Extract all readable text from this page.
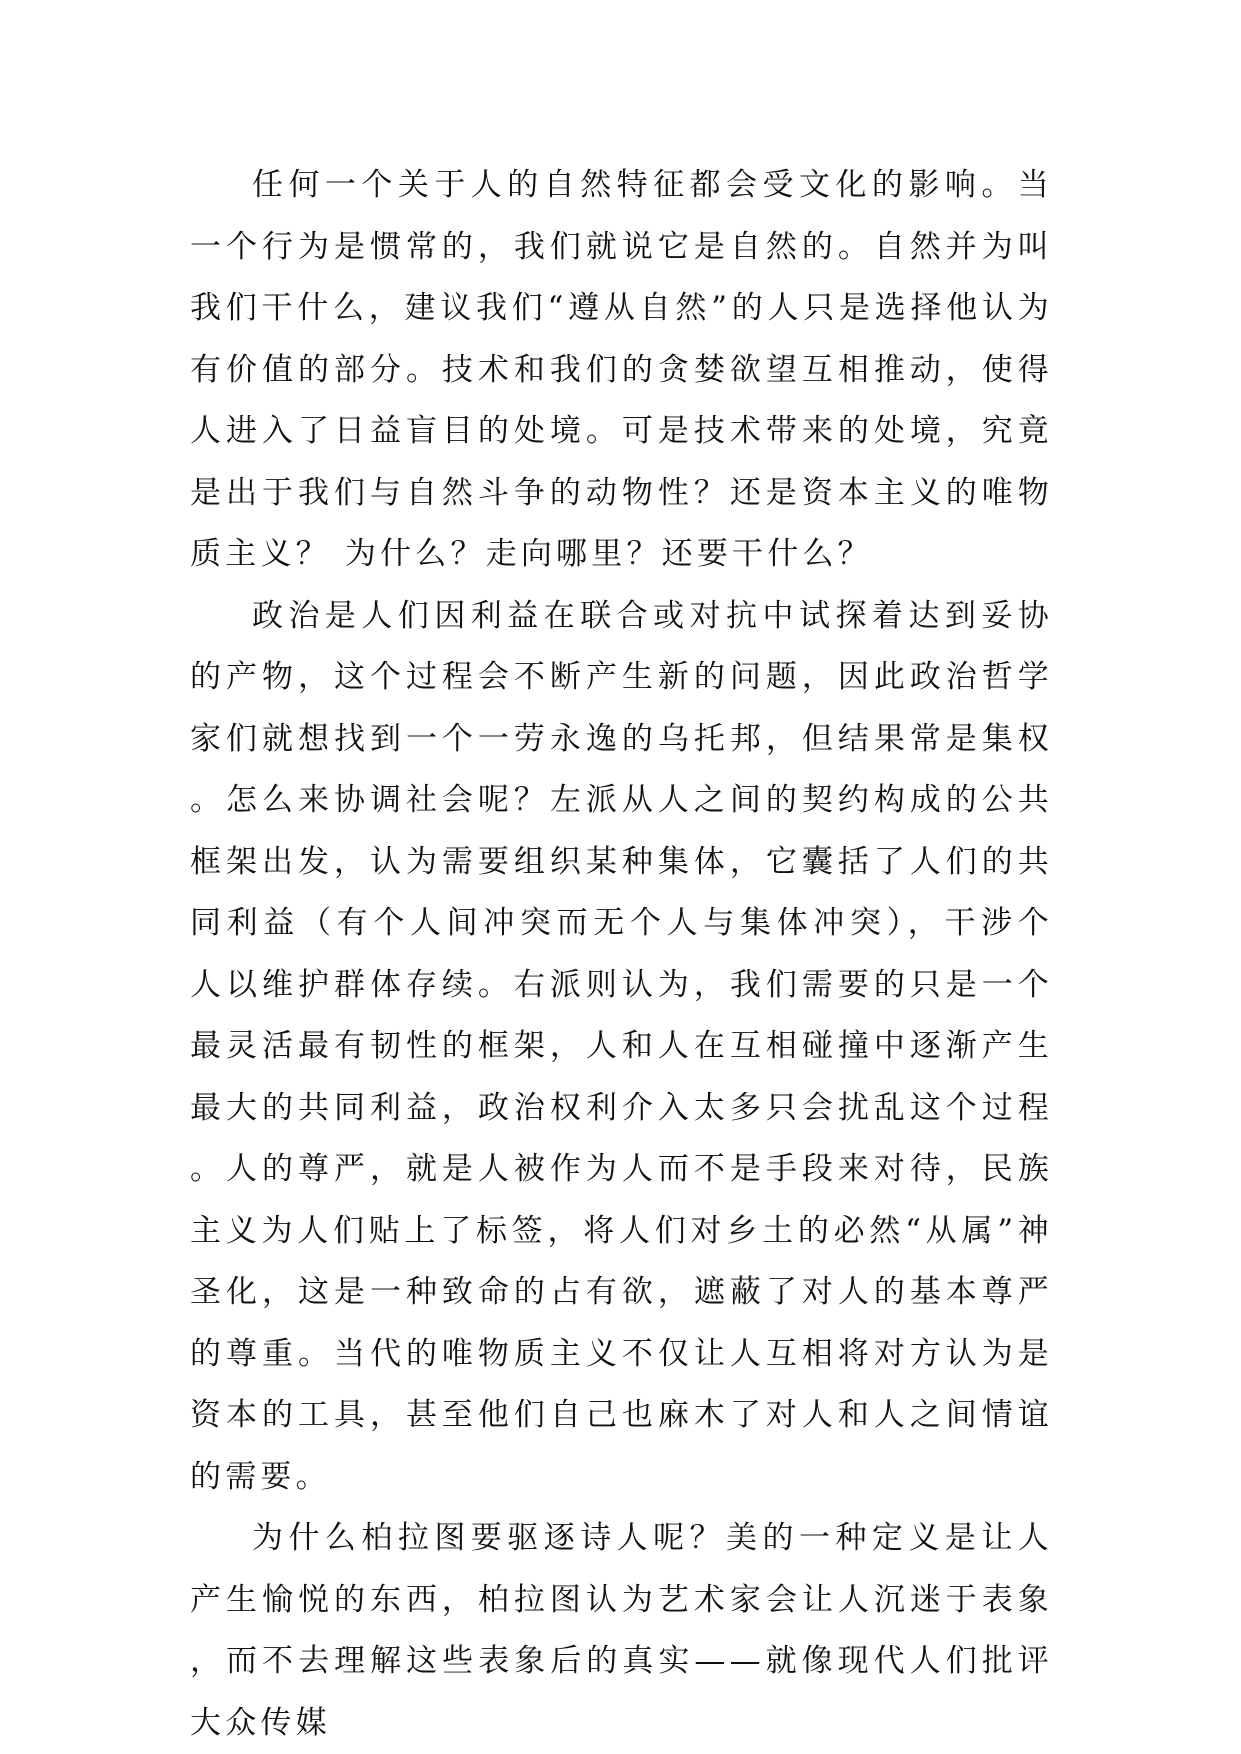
任何一个关于人的自然特征都会受文化的影响。当一个行为是惯常的，我们就说它是自然的。自然并为叫我们干什么，建议我们“遵从自然”的人只是选择他认为有价值的部分。技术和我们的贪婪欲望互相推动，使得人进入了日益盲目的处境。可是技术带来的处境，究竟是出于我们与自然斗争的动物性？还是资本主义的唯物质主义？ 为什么？走向哪里？还要干什么？

政治是人们因利益在联合或对抗中试探着达到妥协的产物，这个过程会不断产生新的问题，因此政治哲学家们就想找到一个一劳永逸的乌托邦，但结果常是集权。怎么来协调社会呢？左派从人之间的契约构成的公共框架出发，认为需要组织某种集体，它囊括了人们的共同利益（有个人间冲突而无个人与集体冲突），干涉个人以维护群体存续。右派则认为，我们需要的只是一个最灵活最有韧性的框架，人和人在互相碰撞中逐渐产生最大的共同利益，政治权利介入太多只会扰乱这个过程。人的尊严，就是人被作为人而不是手段来对待，民族主义为人们贴上了标签，将人们对乡土的必然“从属”神圣化，这是一种致命的占有欲，遮蔽了对人的基本尊严的尊重。当代的唯物质主义不仅让人互相将对方认为是资本的工具，甚至他们自己也麻木了对人和人之间情谊的需要。

为什么柏拉图要驱逐诗人呢？美的一种定义是让人产生愉悦的东西，柏拉图认为艺术家会让人沉迷于表象，而不去理解这些表象后的真实——就像现代人们批评大众传媒
